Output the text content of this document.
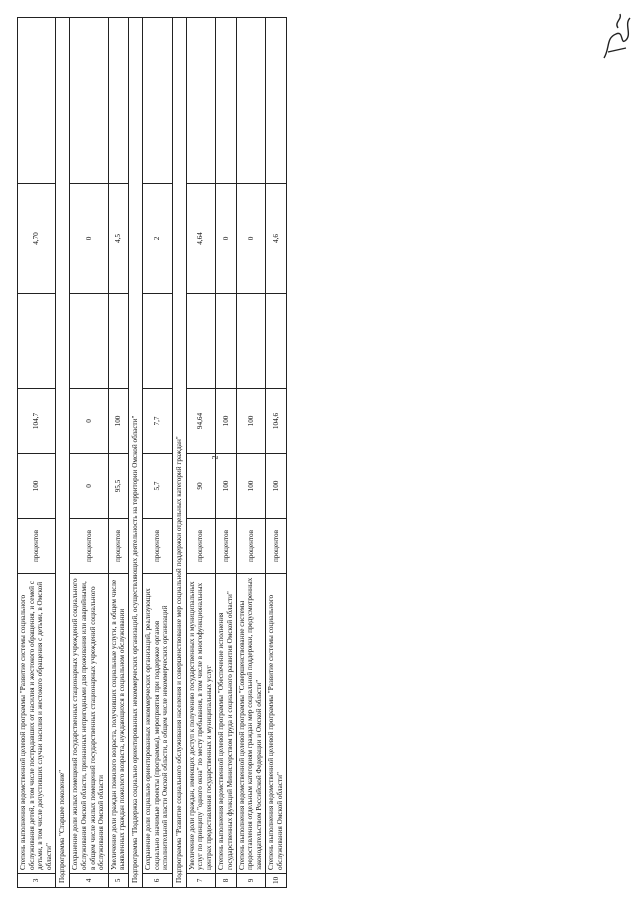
2
3	Степень выполнения ведомственной целевой программы "Развитие системы социального обслуживания детей, в том числе пострадавших от насилия и жестокого обращения, и семей с детьми, в том числе допустивших случаи насилия и жестокого обращения с детьми, в Омской области"	процентов	100	104,7		4,70	
Подпрограмма "Старшее поколение"							
4	Сохранение доли жилых помещений государственных стационарных учреждений социального обслуживания Омской области, признанных непригодными для проживания или аварийными, в общем числе жилых помещений государственных стационарных учреждений социального обслуживания Омской области	процентов	0	0		0	
5	Увеличение доли граждан пожилого возраста, получивших социальные услуги, в общем числе выявленных граждан пожилого возраста, нуждающихся в социальном обслуживании	процентов	95,5	100		4,5	
Подпрограмма "Поддержка социально ориентированных некоммерческих организаций, осуществляющих деятельность на территории Омской области"							
6	Сохранение доли социально ориентированных некоммерческих организаций, реализующих социально значимые проекты (программы), мероприятия при поддержке органов исполнительной власти Омской области, в общем числе некоммерческих организаций	процентов	5,7	7,7		2	
Подпрограмма "Развитие социального обслуживания населения и совершенствование мер социальной поддержки отдельных категорий граждан"							
7	Увеличение доли граждан, имеющих доступ к получению государственных и муниципальных услуг по принципу "одного окна" по месту пребывания, в том числе в многофункциональных центрах предоставления государственных и муниципальных услуг	процентов	90	94,64		4,64	
8	Степень выполнения ведомственной целевой программы "Обеспечение исполнения государственных функций Министерством труда и социального развития Омской области"	процентов	100	100		0	
9	Степень выполнения ведомственной целевой программы "Совершенствование системы предоставления отдельным категориям граждан мер социальной поддержки, предусмотренных законодательством Российской Федерации и Омской области"	процентов	100	100		0	
10	Степень выполнения ведомственной целевой программы "Развитие системы социального обслуживания Омской области"	процентов	100	104,6		4,6	
